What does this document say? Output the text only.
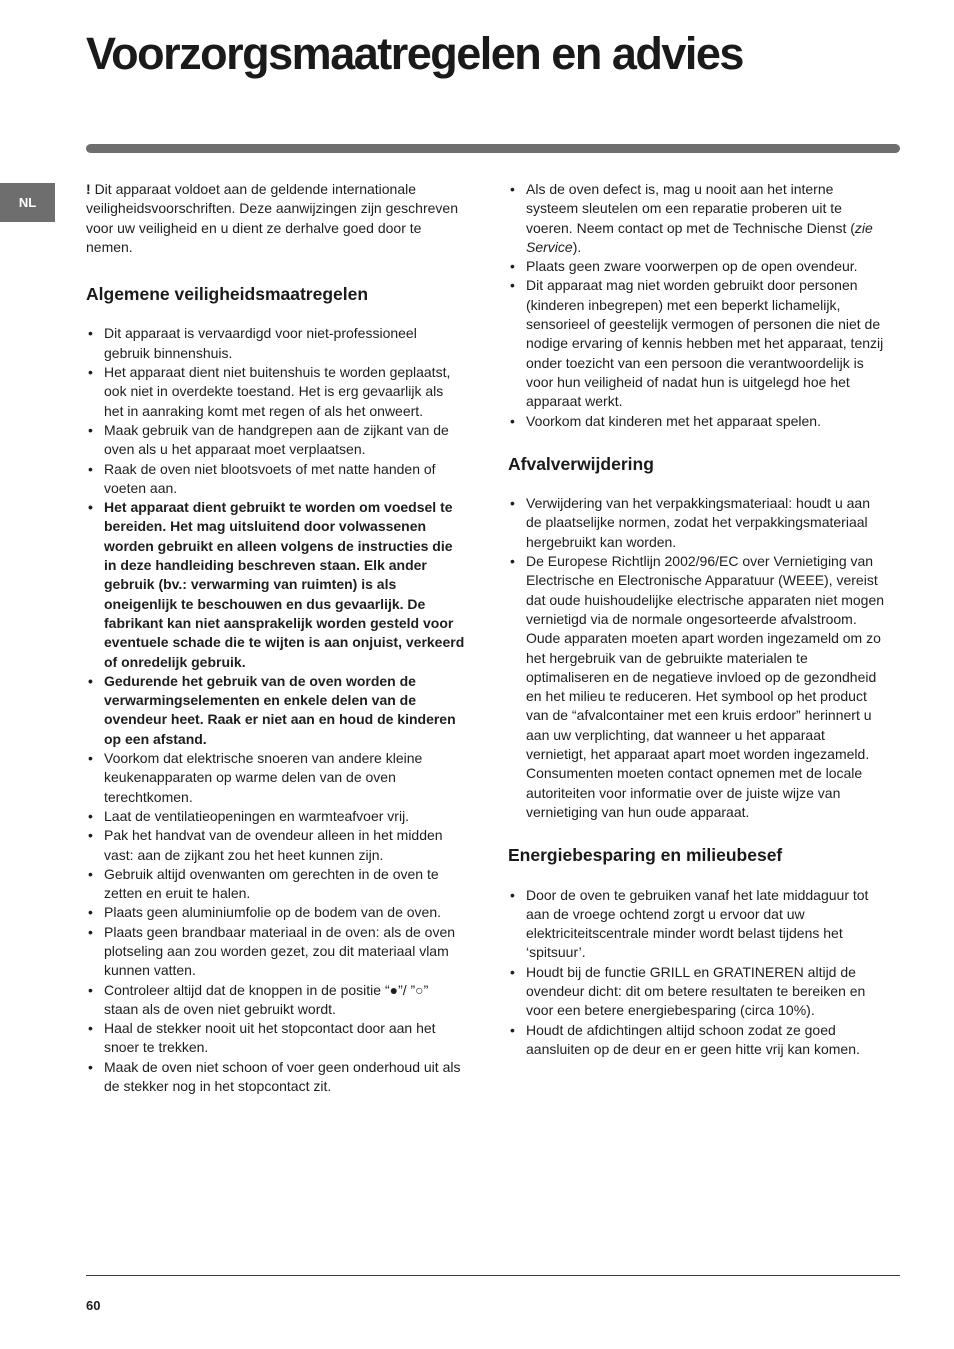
Voorzorgsmaatregelen en advies
NL

! Dit apparaat voldoet aan de geldende internationale veiligheidsvoorschriften. Deze aanwijzingen zijn geschreven voor uw veiligheid en u dient ze derhalve goed door te nemen.

Algemene veiligheidsmaatregelen
• Dit apparaat is vervaardigd voor niet-professioneel gebruik binnenshuis.
• Het apparaat dient niet buitenshuis te worden geplaatst, ook niet in overdekte toestand. Het is erg gevaarlijk als het in aanraking komt met regen of als het onweert.
• Maak gebruik van de handgrepen aan de zijkant van de oven als u het apparaat moet verplaatsen.
• Raak de oven niet blootsvoets of met natte handen of voeten aan.
• Het apparaat dient gebruikt te worden om voedsel te bereiden. Het mag uitsluitend door volwassenen worden gebruikt en alleen volgens de instructies die in deze handleiding beschreven staan. Elk ander gebruik (bv.: verwarming van ruimten) is als oneigenlijk te beschouwen en dus gevaarlijk. De fabrikant kan niet aansprakelijk worden gesteld voor eventuele schade die te wijten is aan onjuist, verkeerd of onredelijk gebruik.
• Gedurende het gebruik van de oven worden de verwarmingselementen en enkele delen van de ovendeur heet. Raak er niet aan en houd de kinderen op een afstand.
• Voorkom dat elektrische snoeren van andere kleine keukenapparaten op warme delen van de oven terechtkomen.
• Laat de ventilatieopeningen en warmteafvoer vrij.
• Pak het handvat van de ovendeur alleen in het midden vast: aan de zijkant zou het heet kunnen zijn.
• Gebruik altijd ovenwanten om gerechten in de oven te zetten en eruit te halen.
• Plaats geen aluminiumfolie op de bodem van de oven.
• Plaats geen brandbaar materiaal in de oven: als de oven plotseling aan zou worden gezet, zou dit materiaal vlam kunnen vatten.
• Controleer altijd dat de knoppen in de positie “●”/ ”○” staan als de oven niet gebruikt wordt.
• Haal de stekker nooit uit het stopcontact door aan het snoer te trekken.
• Maak de oven niet schoon of voer geen onderhoud uit als de stekker nog in het stopcontact zit.
• Als de oven defect is, mag u nooit aan het interne systeem sleutelen om een reparatie proberen uit te voeren. Neem contact op met de Technische Dienst (zie Service).
• Plaats geen zware voorwerpen op de open ovendeur.
• Dit apparaat mag niet worden gebruikt door personen (kinderen inbegrepen) met een beperkt lichamelijk, sensorieel of geestelijk vermogen of personen die niet de nodige ervaring of kennis hebben met het apparaat, tenzij onder toezicht van een persoon die verantwoordelijk is voor hun veiligheid of nadat hun is uitgelegd hoe het apparaat werkt.
• Voorkom dat kinderen met het apparaat spelen.
Afvalverwijdering
• Verwijdering van het verpakkingsmateriaal: houdt u aan de plaatselijke normen, zodat het verpakkingsmateriaal hergebruikt kan worden.
• De Europese Richtlijn 2002/96/EC over Vernietiging van Electrische en Electronische Apparatuur (WEEE), vereist dat oude huishoudelijke electrische apparaten niet mogen vernietigd via de normale ongesorteerde afvalstroom. Oude apparaten moeten apart worden ingezameld om zo het hergebruik van de gebruikte materialen te optimaliseren en de negatieve invloed op de gezondheid en het milieu te reduceren. Het symbool op het product van de “afvalcontainer met een kruis erdoor” herinnert u aan uw verplichting, dat wanneer u het apparaat vernietigt, het apparaat apart moet worden ingezameld.
Consumenten moeten contact opnemen met de locale autoriteiten voor informatie over de juiste wijze van vernietiging van hun oude apparaat.
Energiebesparing en milieubesef
• Door de oven te gebruiken vanaf het late middaguur tot aan de vroege ochtend zorgt u ervoor dat uw elektriciteitscentrale minder wordt belast tijdens het ‘spitsuur’.
• Houdt bij de functie GRILL en GRATINEREN altijd de ovendeur dicht: dit om betere resultaten te bereiken en voor een betere energiebesparing (circa 10%).
• Houdt de afdichtingen altijd schoon zodat ze goed aansluiten op de deur en er geen hitte vrij kan komen.
60
